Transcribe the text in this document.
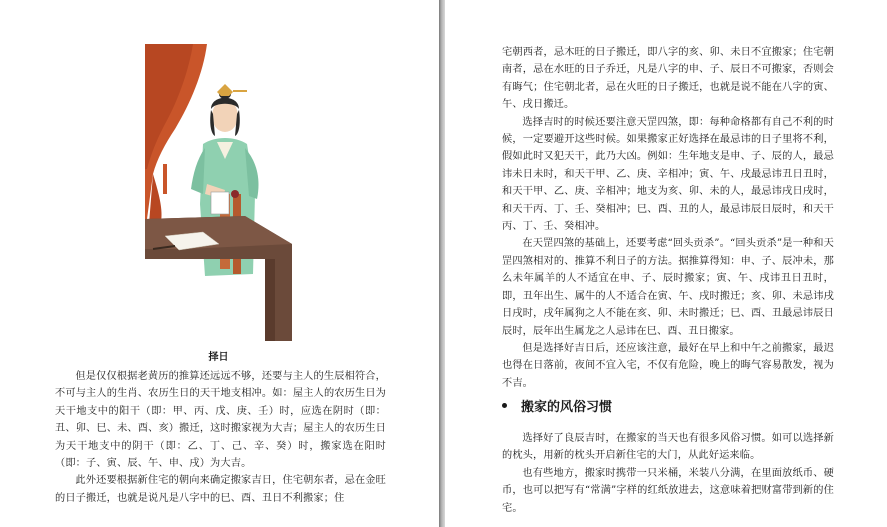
择日

但是仅仅根据老黄历的推算还远远不够，还要与主人的生辰相符合，不可与主人的生肖、农历生日的天干地支相冲。如：屋主人的农历生日为天干地支中的阳干（即：甲、丙、戊、庚、壬）时，应选在阴时（即：丑、卯、巳、未、酉、亥）搬迁，这时搬家视为大吉；屋主人的农历生日为天干地支中的阴干（即：乙、丁、己、辛、癸）时，搬家选在阳时（即：子、寅、辰、午、申、戌）为大吉。

此外还要根据新住宅的朝向来确定搬家吉日，住宅朝东者，忌在金旺的日子搬迁，也就是说凡是八字中的巳、酉、丑日不利搬家；住

宅朝西者，忌木旺的日子搬迁，即八字的亥、卯、未日不宜搬家；住宅朝南者，忌在水旺的日子乔迁，凡是八字的申、子、辰日不可搬家，否则会有晦气；住宅朝北者，忌在火旺的日子搬迁，也就是说不能在八字的寅、午、戌日搬迁。

选择吉时的时候还要注意天罡四煞，即：每种命格都有自己不利的时候，一定要避开这些时候。如果搬家正好选择在最忌讳的日子里将不利，假如此时又犯天干，此乃大凶。例如：生年地支是申、子、辰的人，最忌讳未日未时，和天干甲、乙、庚、辛相冲；寅、午、戌最忌讳丑日丑时，和天干甲、乙、庚、辛相冲；地支为亥、卯、未的人，最忌讳戌日戌时，和天干丙、丁、壬、癸相冲；巳、酉、丑的人，最忌讳辰日辰时，和天干丙、丁、壬、癸相冲。

在天罡四煞的基础上，还要考虑“回头贡杀”。“回头贡杀”是一种和天罡四煞相对的、推算不利日子的方法。据推算得知：申、子、辰冲未，那么未年属羊的人不适宜在申、子、辰时搬家；寅、午、戌讳丑日丑时，即，丑年出生、属牛的人不适合在寅、午、戌时搬迁；亥、卯、未忌讳戌日戌时，戌年属狗之人不能在亥、卯、未时搬迁；巳、酉、丑最忌讳辰日辰时，辰年出生属龙之人忌讳在巳、酉、丑日搬家。

但是选择好吉日后，还应该注意，最好在早上和中午之前搬家，最迟也得在日落前，夜间不宜入宅，不仅有危险，晚上的晦气容易散发，视为不吉。

搬家的风俗习惯

选择好了良辰吉时，在搬家的当天也有很多风俗习惯。如可以选择新的枕头，用新的枕头开启新住宅的大门，从此好运来临。

也有些地方，搬家时携带一只米桶，米装八分满，在里面放纸币、硬币，也可以把写有“常满”字样的红纸放进去，这意味着把财富带到新的住宅。
